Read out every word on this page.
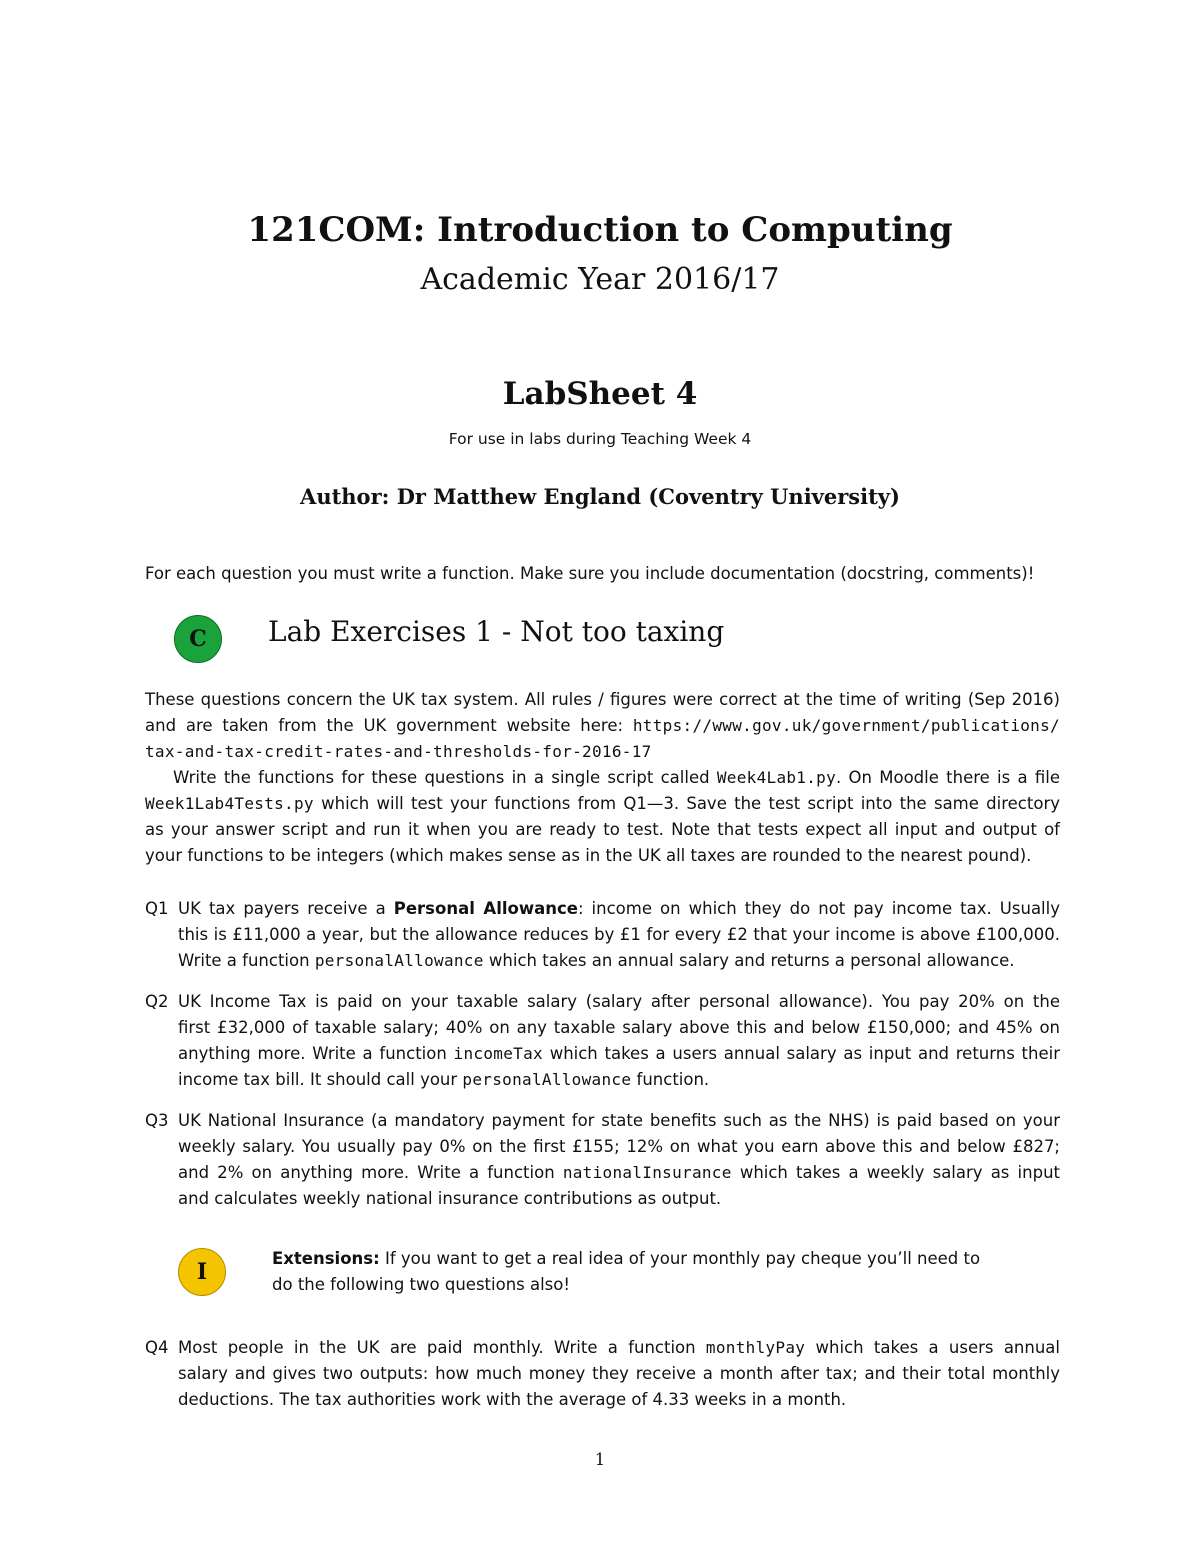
121COM: Introduction to Computing
Academic Year 2016/17
LabSheet 4
For use in labs during Teaching Week 4
Author: Dr Matthew England (Coventry University)
For each question you must write a function. Make sure you include documentation (docstring, comments)!
C Lab Exercises 1 - Not too taxing
These questions concern the UK tax system. All rules / figures were correct at the time of writing (Sep 2016)
and are taken from the UK government website here: https://www.gov.uk/government/publications/
tax-and-tax-credit-rates-and-thresholds-for-2016-17
Write the functions for these questions in a single script called Week4Lab1.py. On Moodle there is a file
Week1Lab4Tests.py which will test your functions from Q1—3. Save the test script into the same directory
as your answer script and run it when you are ready to test. Note that tests expect all input and output of
your functions to be integers (which makes sense as in the UK all taxes are rounded to the nearest pound).
Q1 UK tax payers receive a Personal Allowance: income on which they do not pay income tax. Usually
this is £11,000 a year, but the allowance reduces by £1 for every £2 that your income is above £100,000.
Write a function personalAllowance which takes an annual salary and returns a personal allowance.
Q2 UK Income Tax is paid on your taxable salary (salary after personal allowance). You pay 20% on the
first £32,000 of taxable salary; 40% on any taxable salary above this and below £150,000; and 45% on
anything more. Write a function incomeTax which takes a users annual salary as input and returns their
income tax bill. It should call your personalAllowance function.
Q3 UK National Insurance (a mandatory payment for state benefits such as the NHS) is paid based on your
weekly salary. You usually pay 0% on the first £155; 12% on what you earn above this and below £827;
and 2% on anything more. Write a function nationalInsurance which takes a weekly salary as input
and calculates weekly national insurance contributions as output.
I
Extensions: If you want to get a real idea of your monthly pay cheque you’ll need to
do the following two questions also!
Q4 Most people in the UK are paid monthly. Write a function monthlyPay which takes a users annual
salary and gives two outputs: how much money they receive a month after tax; and their total monthly
deductions. The tax authorities work with the average of 4.33 weeks in a month.
1
